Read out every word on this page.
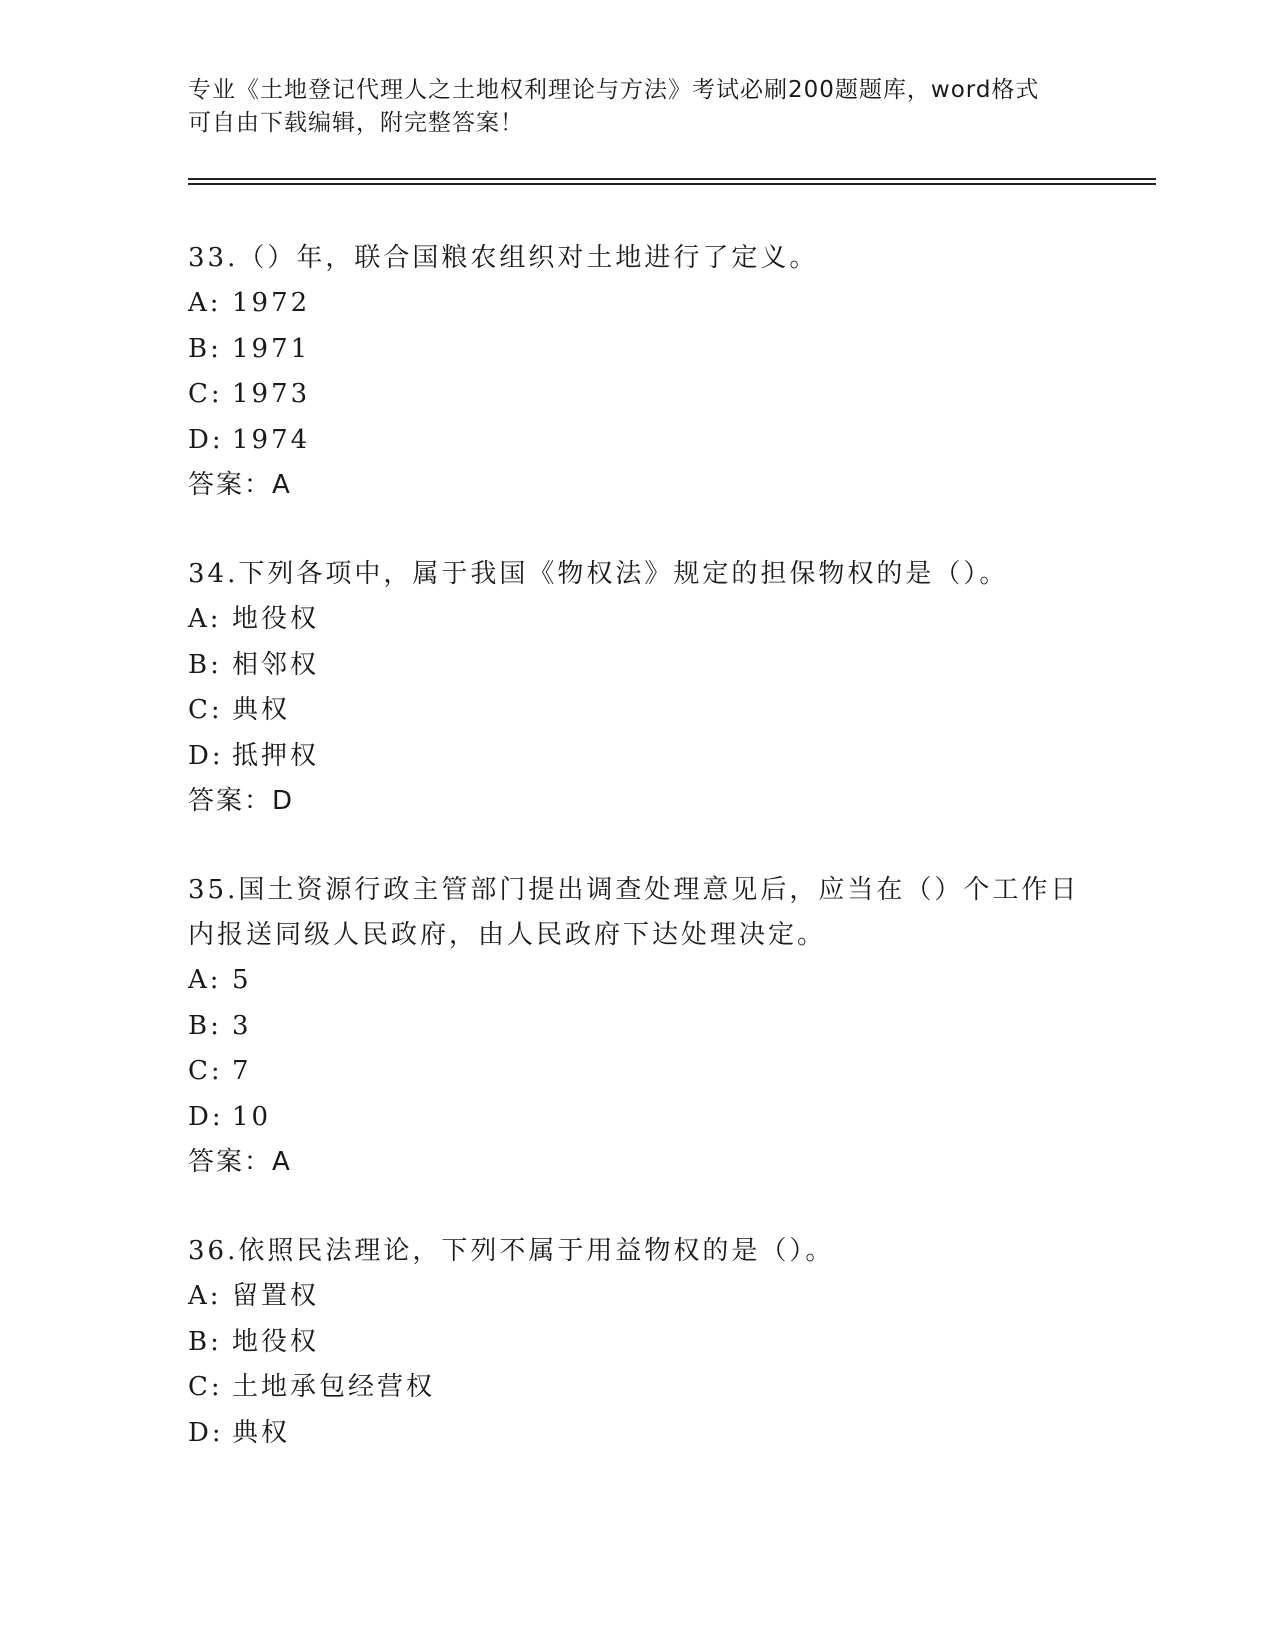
专业《土地登记代理人之土地权利理论与方法》考试必刷200题题库，word格式
可自由下载编辑，附完整答案！
33.（）年，联合国粮农组织对土地进行了定义。
A: 1972
B: 1971
C: 1973
D: 1974
答案：A
34.下列各项中，属于我国《物权法》规定的担保物权的是（）。
A: 地役权
B: 相邻权
C: 典权
D: 抵押权
答案：D
35.国土资源行政主管部门提出调查处理意见后，应当在（）个工作日内报送同级人民政府，由人民政府下达处理决定。
A: 5
B: 3
C: 7
D: 10
答案：A
36.依照民法理论，下列不属于用益物权的是（）。
A: 留置权
B: 地役权
C: 土地承包经营权
D: 典权
